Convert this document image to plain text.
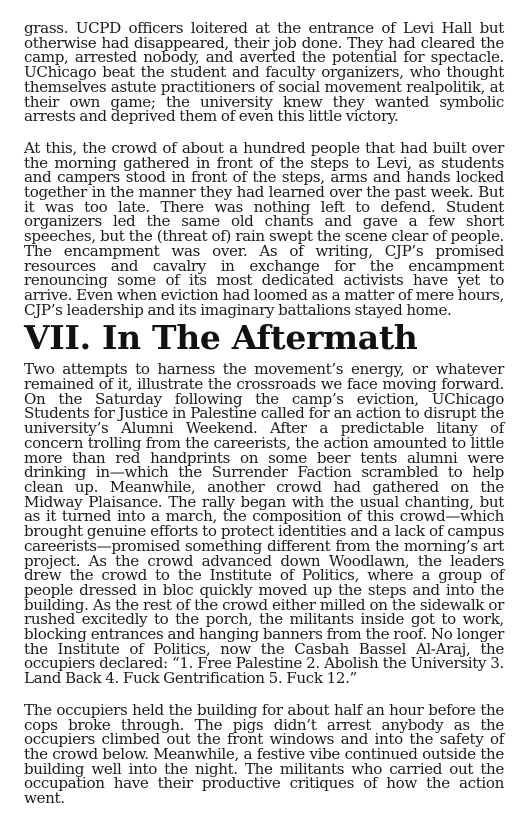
grass. UCPD officers loitered at the entrance of Levi Hall but otherwise had disappeared, their job done. They had cleared the camp, arrested nobody, and averted the potential for spectacle. UChicago beat the student and faculty organizers, who thought themselves astute practitioners of social movement realpolitik, at their own game; the university knew they wanted symbolic arrests and deprived them of even this little victory.

At this, the crowd of about a hundred people that had built over the morning gathered in front of the steps to Levi, as students and campers stood in front of the steps, arms and hands locked together in the manner they had learned over the past week. But it was too late. There was nothing left to defend. Student organizers led the same old chants and gave a few short speeches, but the (threat of) rain swept the scene clear of people. The encampment was over. As of writing, CJP’s promised resources and cavalry in exchange for the encampment renouncing some of its most dedicated activists have yet to arrive. Even when eviction had loomed as a matter of mere hours, CJP’s leadership and its imaginary battalions stayed home.

VII. In The Aftermath

Two attempts to harness the movement’s energy, or whatever remained of it, illustrate the crossroads we face moving forward. On the Saturday following the camp’s eviction, UChicago Students for Justice in Palestine called for an action to disrupt the university’s Alumni Weekend. After a predictable litany of concern trolling from the careerists, the action amounted to little more than red handprints on some beer tents alumni were drinking in—which the Surrender Faction scrambled to help clean up. Meanwhile, another crowd had gathered on the Midway Plaisance. The rally began with the usual chanting, but as it turned into a march, the composition of this crowd—which brought genuine efforts to protect identities and a lack of campus careerists—promised something different from the morning’s art project. As the crowd advanced down Woodlawn, the leaders drew the crowd to the Institute of Politics, where a group of people dressed in bloc quickly moved up the steps and into the building. As the rest of the crowd either milled on the sidewalk or rushed excitedly to the porch, the militants inside got to work, blocking entrances and hanging banners from the roof. No longer the Institute of Politics, now the Casbah Bassel Al-Araj, the occupiers declared: “1. Free Palestine 2. Abolish the University 3. Land Back 4. Fuck Gentrification 5. Fuck 12.”

The occupiers held the building for about half an hour before the cops broke through. The pigs didn’t arrest anybody as the occupiers climbed out the front windows and into the safety of the crowd below. Meanwhile, a festive vibe continued outside the building well into the night. The militants who carried out the occupation have their productive critiques of how the action went.
